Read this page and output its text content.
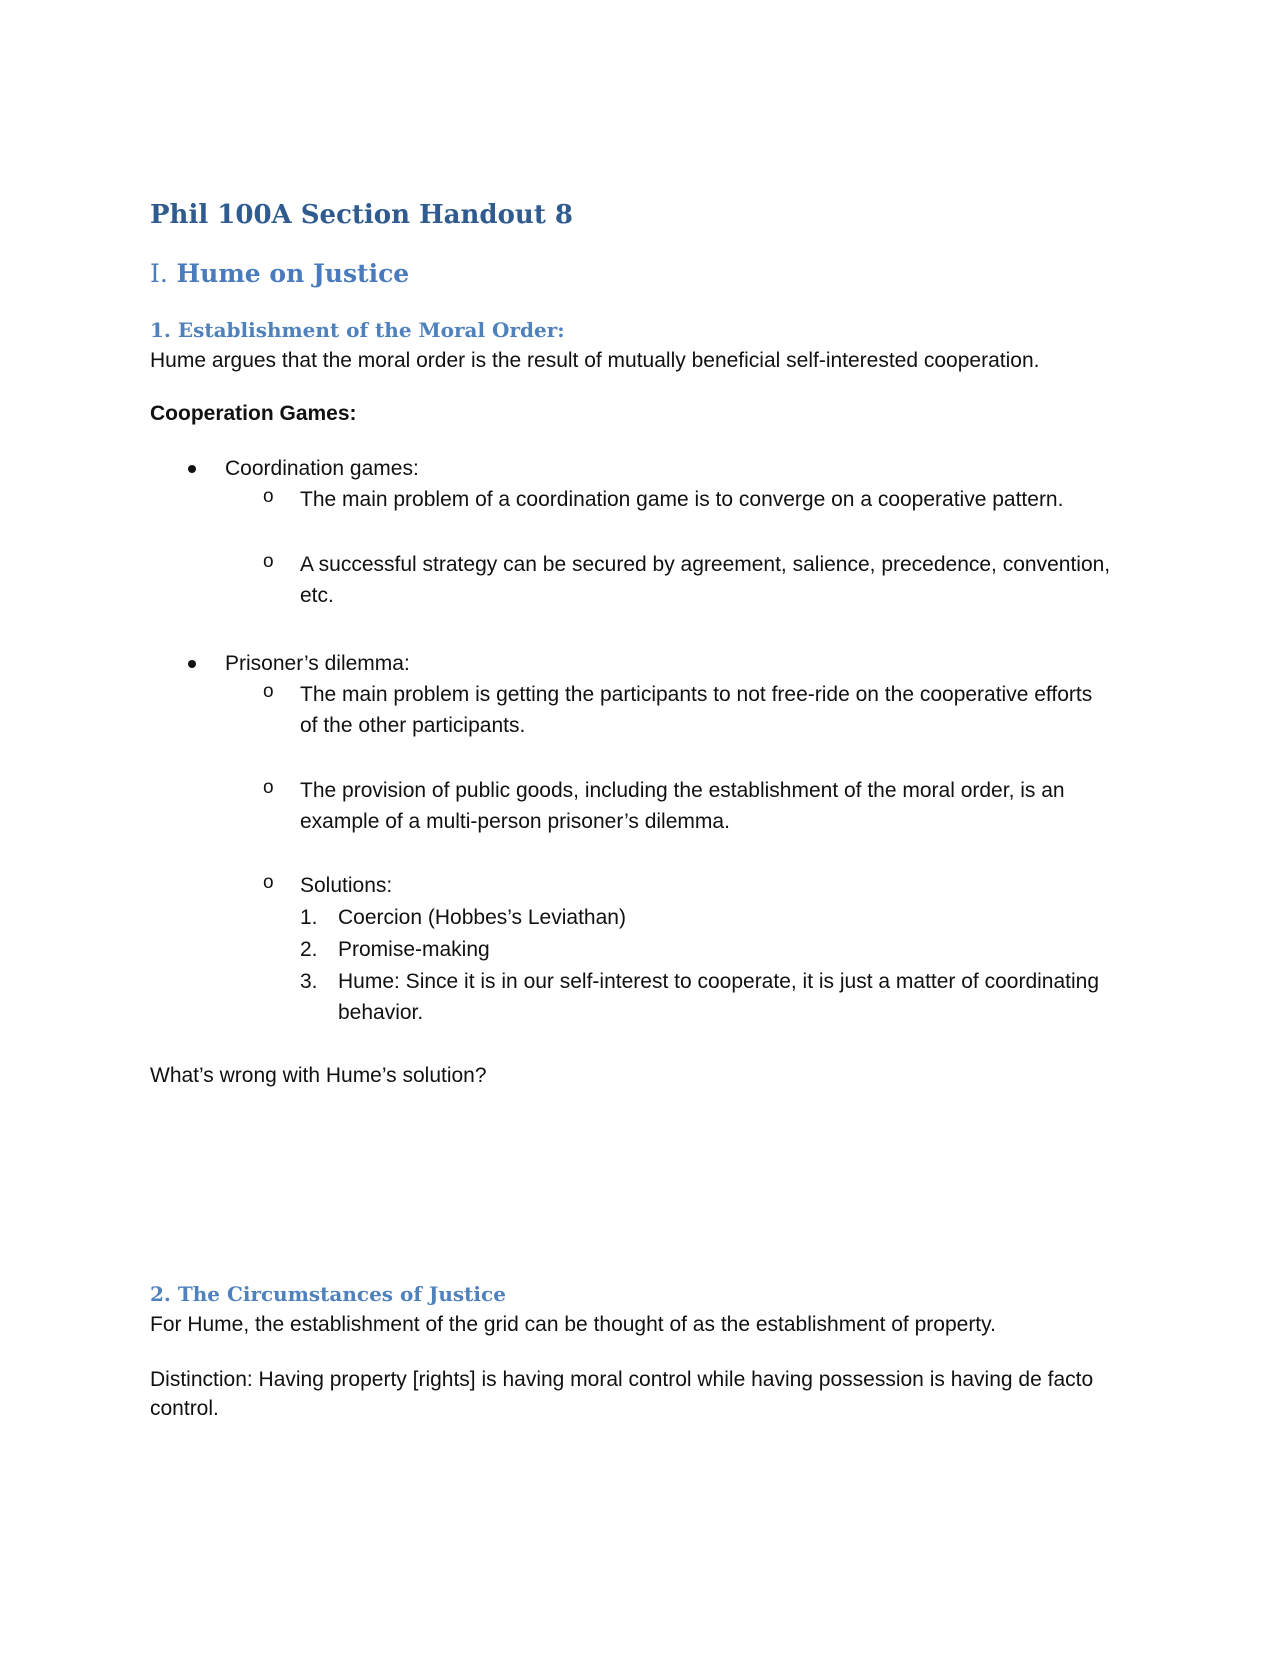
Phil 100A Section Handout 8
I. Hume on Justice
1. Establishment of the Moral Order:
Hume argues that the moral order is the result of mutually beneficial self-interested cooperation.
Cooperation Games:
Coordination games:
o The main problem of a coordination game is to converge on a cooperative pattern.
o A successful strategy can be secured by agreement, salience, precedence, convention,
etc.
Prisoner’s dilemma:
o The main problem is getting the participants to not free-ride on the cooperative efforts
of the other participants.
o The provision of public goods, including the establishment of the moral order, is an
example of a multi-person prisoner’s dilemma.
o Solutions:
1. Coercion (Hobbes’s Leviathan)
2. Promise-making
3. Hume: Since it is in our self-interest to cooperate, it is just a matter of coordinating
behavior.
What’s wrong with Hume’s solution?
2. The Circumstances of Justice
For Hume, the establishment of the grid can be thought of as the establishment of property.
Distinction: Having property [rights] is having moral control while having possession is having de facto
control.
